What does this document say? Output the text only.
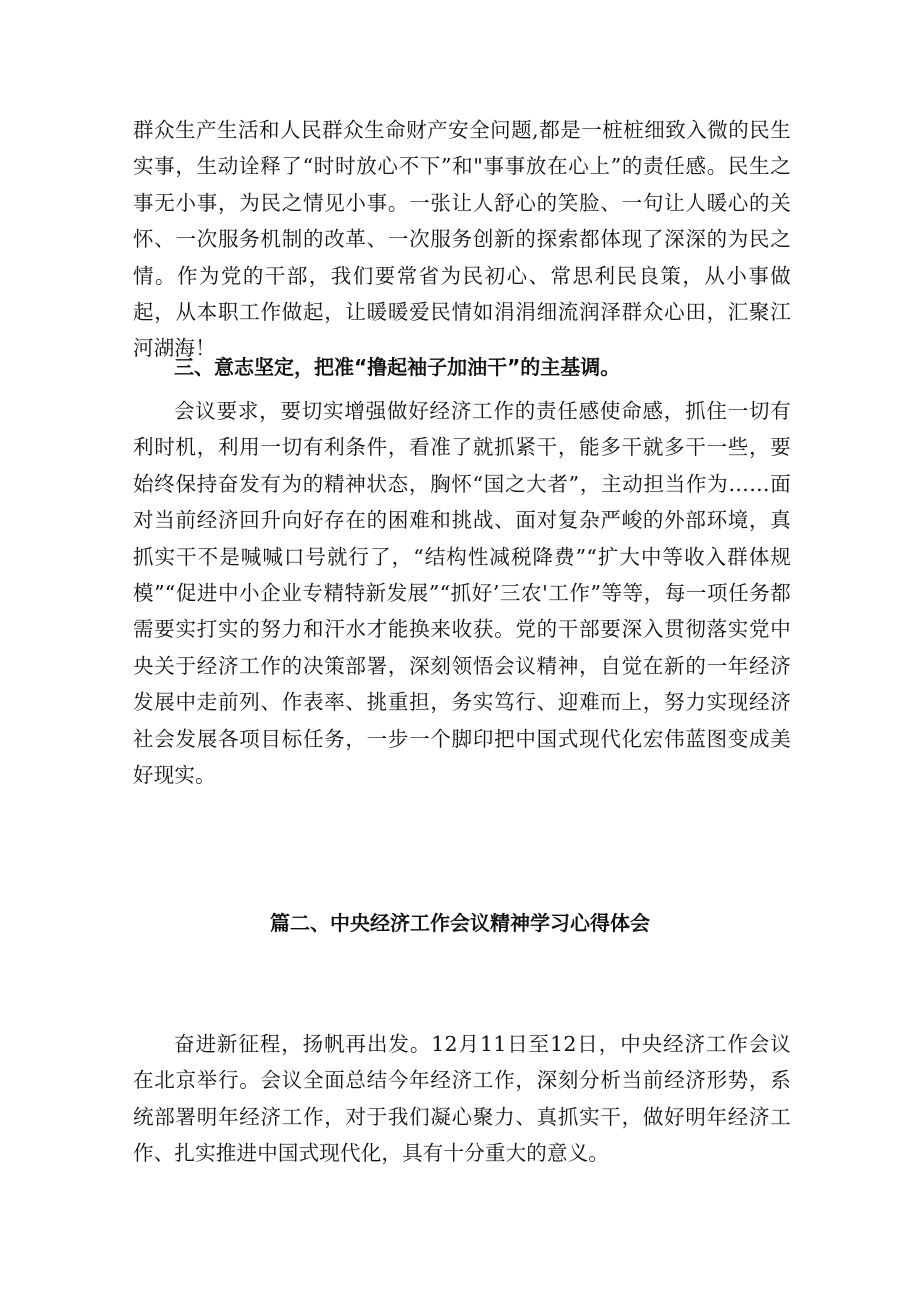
群众生产生活和人民群众生命财产安全问题,都是一桩桩细致入微的民生实事，生动诠释了“时时放心不下”和"事事放在心上”的责任感。民生之事无小事，为民之情见小事。一张让人舒心的笑脸、一句让人暖心的关怀、一次服务机制的改革、一次服务创新的探索都体现了深深的为民之情。作为党的干部，我们要常省为民初心、常思利民良策，从小事做起，从本职工作做起，让暖暖爱民情如涓涓细流润泽群众心田，汇聚江河湖海！

三、意志坚定，把准“撸起袖子加油干”的主基调。

会议要求，要切实增强做好经济工作的责任感使命感，抓住一切有利时机，利用一切有利条件，看准了就抓紧干，能多干就多干一些，要始终保持奋发有为的精神状态，胸怀“国之大者”，主动担当作为……面对当前经济回升向好存在的困难和挑战、面对复杂严峻的外部环境，真抓实干不是喊喊口号就行了，“结构性减税降费”“扩大中等收入群体规模”“促进中小企业专精特新发展”“抓好’三农'工作”等等，每一项任务都需要实打实的努力和汗水才能换来收获。党的干部要深入贯彻落实党中央关于经济工作的决策部署，深刻领悟会议精神，自觉在新的一年经济发展中走前列、作表率、挑重担，务实笃行、迎难而上，努力实现经济社会发展各项目标任务，一步一个脚印把中国式现代化宏伟蓝图变成美好现实。

篇二、中央经济工作会议精神学习心得体会

奋进新征程，扬帆再出发。12月11日至12日，中央经济工作会议在北京举行。会议全面总结今年经济工作，深刻分析当前经济形势，系统部署明年经济工作，对于我们凝心聚力、真抓实干，做好明年经济工作、扎实推进中国式现代化，具有十分重大的意义。
